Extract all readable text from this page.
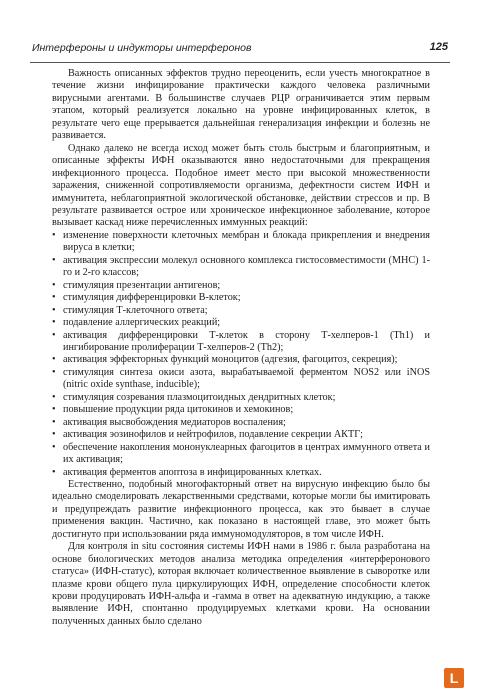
Интерфероны и индукторы интерферонов	125

Важность описанных эффектов трудно переоценить, если учесть многократное в течение жизни инфицирование практически каждого человека различными вирусными агентами. В большинстве случаев РЦР ограничивается этим первым этапом, который реализуется локально на уровне инфицированных клеток, в результате чего еще прерывается дальнейшая генерализация инфекции и болезнь не развивается.

Однако далеко не всегда исход может быть столь быстрым и благоприятным, и описанные эффекты ИФН оказываются явно недостаточными для прекращения инфекционного процесса. Подобное имеет место при высокой множественности заражения, сниженной сопротивляемости организма, дефектности систем ИФН и иммунитета, неблагоприятной экологической обстановке, действии стрессов и пр. В результате развивается острое или хроническое инфекционное заболевание, которое вызывает каскад ниже перечисленных иммунных реакций:

• изменение поверхности клеточных мембран и блокада прикрепления и внедрения вируса в клетки;
• активация экспрессии молекул основного комплекса гистосовместимости (МНС) 1-го и 2-го классов;
• стимуляция презентации антигенов;
• стимуляция дифференцировки В-клеток;
• стимуляция Т-клеточного ответа;
• подавление аллергических реакций;
• активация дифференцировки Т-клеток в сторону Т-хелперов-1 (Th1) и ингибирование пролиферации Т-хелперов-2 (Th2);
• активация эффекторных функций моноцитов (адгезия, фагоцитоз, секреция);
• стимуляция синтеза окиси азота, вырабатываемой ферментом NOS2 или iNOS (nitric oxide synthase, inducible);
• стимуляция созревания плазмоцитоидных дендритных клеток;
• повышение продукции ряда цитокинов и хемокинов;
• активация высвобождения медиаторов воспаления;
• активация эозинофилов и нейтрофилов, подавление секреции АКТГ;
• обеспечение накопления мононуклеарных фагоцитов в центрах иммунного ответа и их активация;
• активация ферментов апоптоза в инфицированных клетках.

Естественно, подобный многофакторный ответ на вирусную инфекцию было бы идеально смоделировать лекарственными средствами, которые могли бы имитировать и предупреждать развитие инфекционного процесса, как это бывает в случае применения вакцин. Частично, как показано в настоящей главе, это может быть достигнуто при использовании ряда иммуномодуляторов, в том числе ИФН.

Для контроля in situ состояния системы ИФН нами в 1986 г. была разработана на основе биологических методов анализа методика определения «интерферонового статуса» (ИФН-статус), которая включает количественное выявление в сыворотке или плазме крови общего пула циркулирующих ИФН, определение способности клеток крови продуцировать ИФН-альфа и -гамма в ответ на адекватную индукцию, а также выявление ИФН, спонтанно продуцируемых клетками крови. На основании полученных данных было сделано

L
